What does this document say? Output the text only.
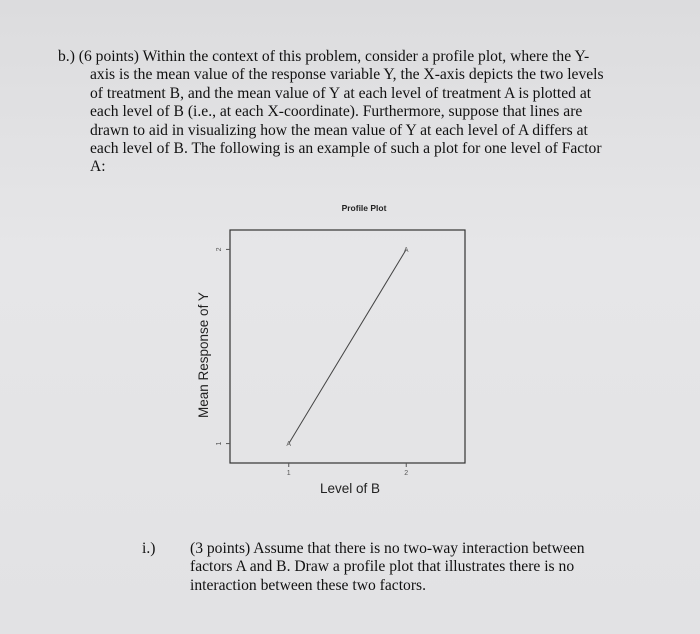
b.) (6 points) Within the context of this problem, consider a profile plot, where the Y-
axis is the mean value of the response variable Y, the X-axis depicts the two levels
of treatment B, and the mean value of Y at each level of treatment A is plotted at
each level of B (i.e., at each X-coordinate). Furthermore, suppose that lines are
drawn to aid in visualizing how the mean value of Y at each level of A differs at
each level of B. The following is an example of such a plot for one level of Factor
A:
Profile Plot
Mean Response of Y
Level of B
1	2
1
2
A
A
i.) (3 points) Assume that there is no two-way interaction between
factors A and B. Draw a profile plot that illustrates there is no
interaction between these two factors.
